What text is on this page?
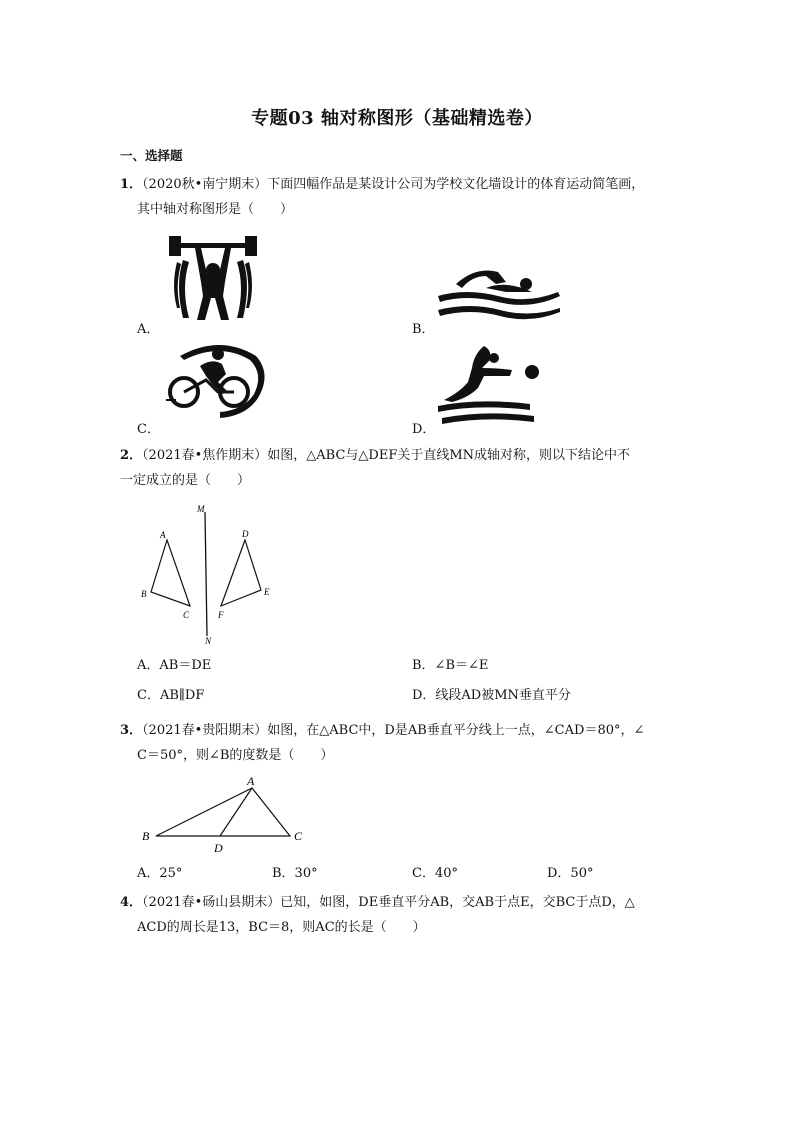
专题03 轴对称图形（基础精选卷）
一、选择题
1．（2020秋•南宁期末）下面四幅作品是某设计公司为学校文化墙设计的体育运动简笔画，
其中轴对称图形是（　　）
A．	B．
C．	D．
2．（2021春•焦作期末）如图，△ABC与△DEF关于直线MN成轴对称，则以下结论中不
一定成立的是（　　）
M
N
A
B
C
D
E
F
A．AB＝DE	B．∠B＝∠E
C．AB∥DF	D．线段AD被MN垂直平分
3．（2021春•贵阳期末）如图，在△ABC中，D是AB垂直平分线上一点，∠CAD＝80°，∠
C＝50°，则∠B的度数是（　　）
A
B	C
D
A．25°	B．30°	C．40°	D．50°
4．（2021春•砀山县期末）已知，如图，DE垂直平分AB，交AB于点E，交BC于点D，△
ACD的周长是13，BC＝8，则AC的长是（　　）
